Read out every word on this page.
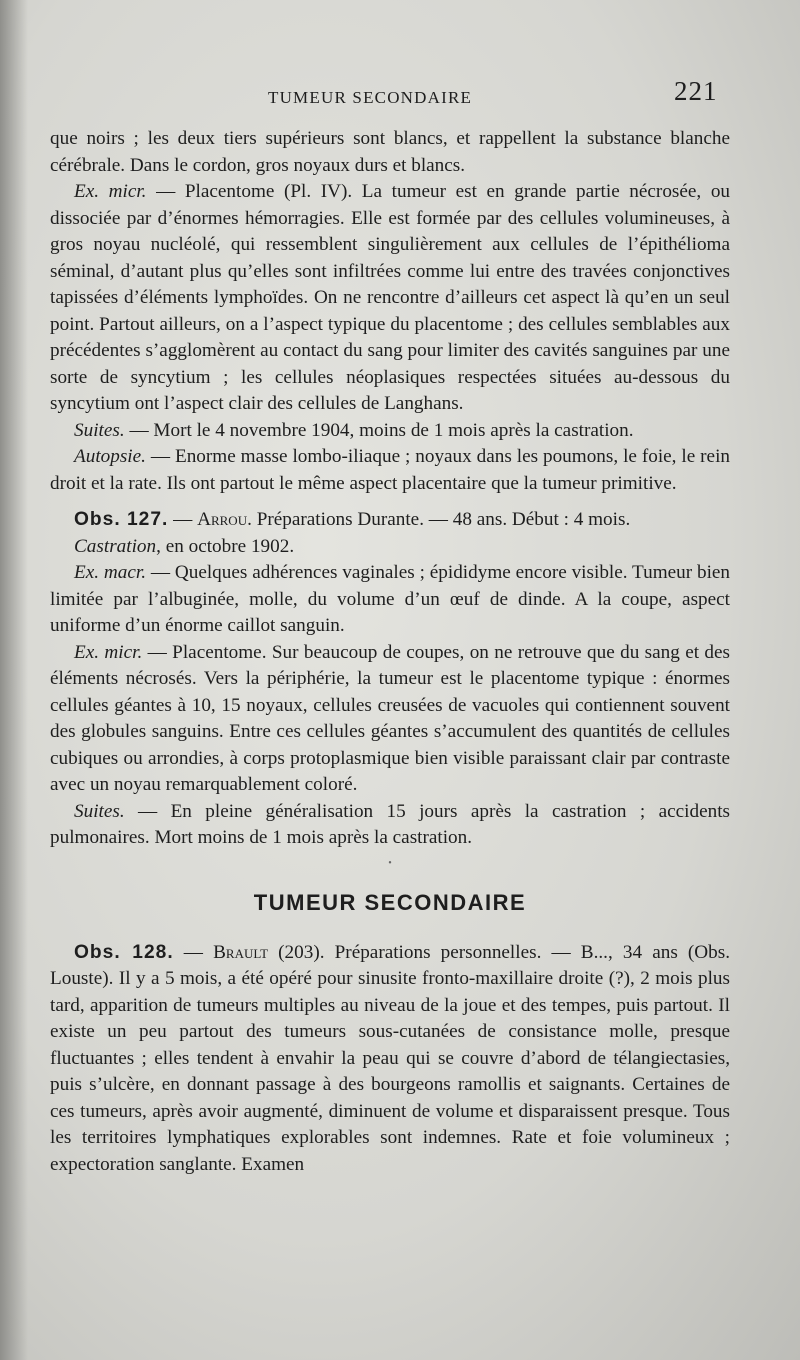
TUMEUR SECONDAIRE	221

que noirs ; les deux tiers supérieurs sont blancs, et rappellent la substance blanche cérébrale. Dans le cordon, gros noyaux durs et blancs.

Ex. micr. — Placentome (Pl. IV). La tumeur est en grande partie nécrosée, ou dissociée par d’énormes hémorragies. Elle est formée par des cellules volumineuses, à gros noyau nucléolé, qui ressemblent singulièrement aux cellules de l’épithélioma séminal, d’autant plus qu’elles sont infiltrées comme lui entre des travées conjonctives tapissées d’éléments lymphoïdes. On ne rencontre d’ailleurs cet aspect là qu’en un seul point. Partout ailleurs, on a l’aspect typique du placentome ; des cellules semblables aux précédentes s’agglomèrent au contact du sang pour limiter des cavités sanguines par une sorte de syncytium ; les cellules néoplasiques respectées situées au-dessous du syncytium ont l’aspect clair des cellules de Langhans.

Suites. — Mort le 4 novembre 1904, moins de 1 mois après la castration.

Autopsie. — Enorme masse lombo-iliaque ; noyaux dans les poumons, le foie, le rein droit et la rate. Ils ont partout le même aspect placentaire que la tumeur primitive.

Obs. 127. — Arrou. Préparations Durante. — 48 ans. Début : 4 mois.

Castration, en octobre 1902.

Ex. macr. — Quelques adhérences vaginales ; épididyme encore visible. Tumeur bien limitée par l’albuginée, molle, du volume d’un œuf de dinde. A la coupe, aspect uniforme d’un énorme caillot sanguin.

Ex. micr. — Placentome. Sur beaucoup de coupes, on ne retrouve que du sang et des éléments nécrosés. Vers la périphérie, la tumeur est le placentome typique : énormes cellules géantes à 10, 15 noyaux, cellules creusées de vacuoles qui contiennent souvent des globules sanguins. Entre ces cellules géantes s’accumulent des quantités de cellules cubiques ou arrondies, à corps protoplasmique bien visible paraissant clair par contraste avec un noyau remarquablement coloré.

Suites. — En pleine généralisation 15 jours après la castration ; accidents pulmonaires. Mort moins de 1 mois après la castration.

•
TUMEUR SECONDAIRE

Obs. 128. — Brault (203). Préparations personnelles. — B..., 34 ans (Obs. Louste). Il y a 5 mois, a été opéré pour sinusite fronto-maxillaire droite (?), 2 mois plus tard, apparition de tumeurs multiples au niveau de la joue et des tempes, puis partout. Il existe un peu partout des tumeurs sous-cutanées de consistance molle, presque fluctuantes ; elles tendent à envahir la peau qui se couvre d’abord de télangiectasies, puis s’ulcère, en donnant passage à des bourgeons ramollis et saignants. Certaines de ces tumeurs, après avoir augmenté, diminuent de volume et disparaissent presque. Tous les territoires lymphatiques explorables sont indemnes. Rate et foie volumineux ; expectoration sanglante. Examen
